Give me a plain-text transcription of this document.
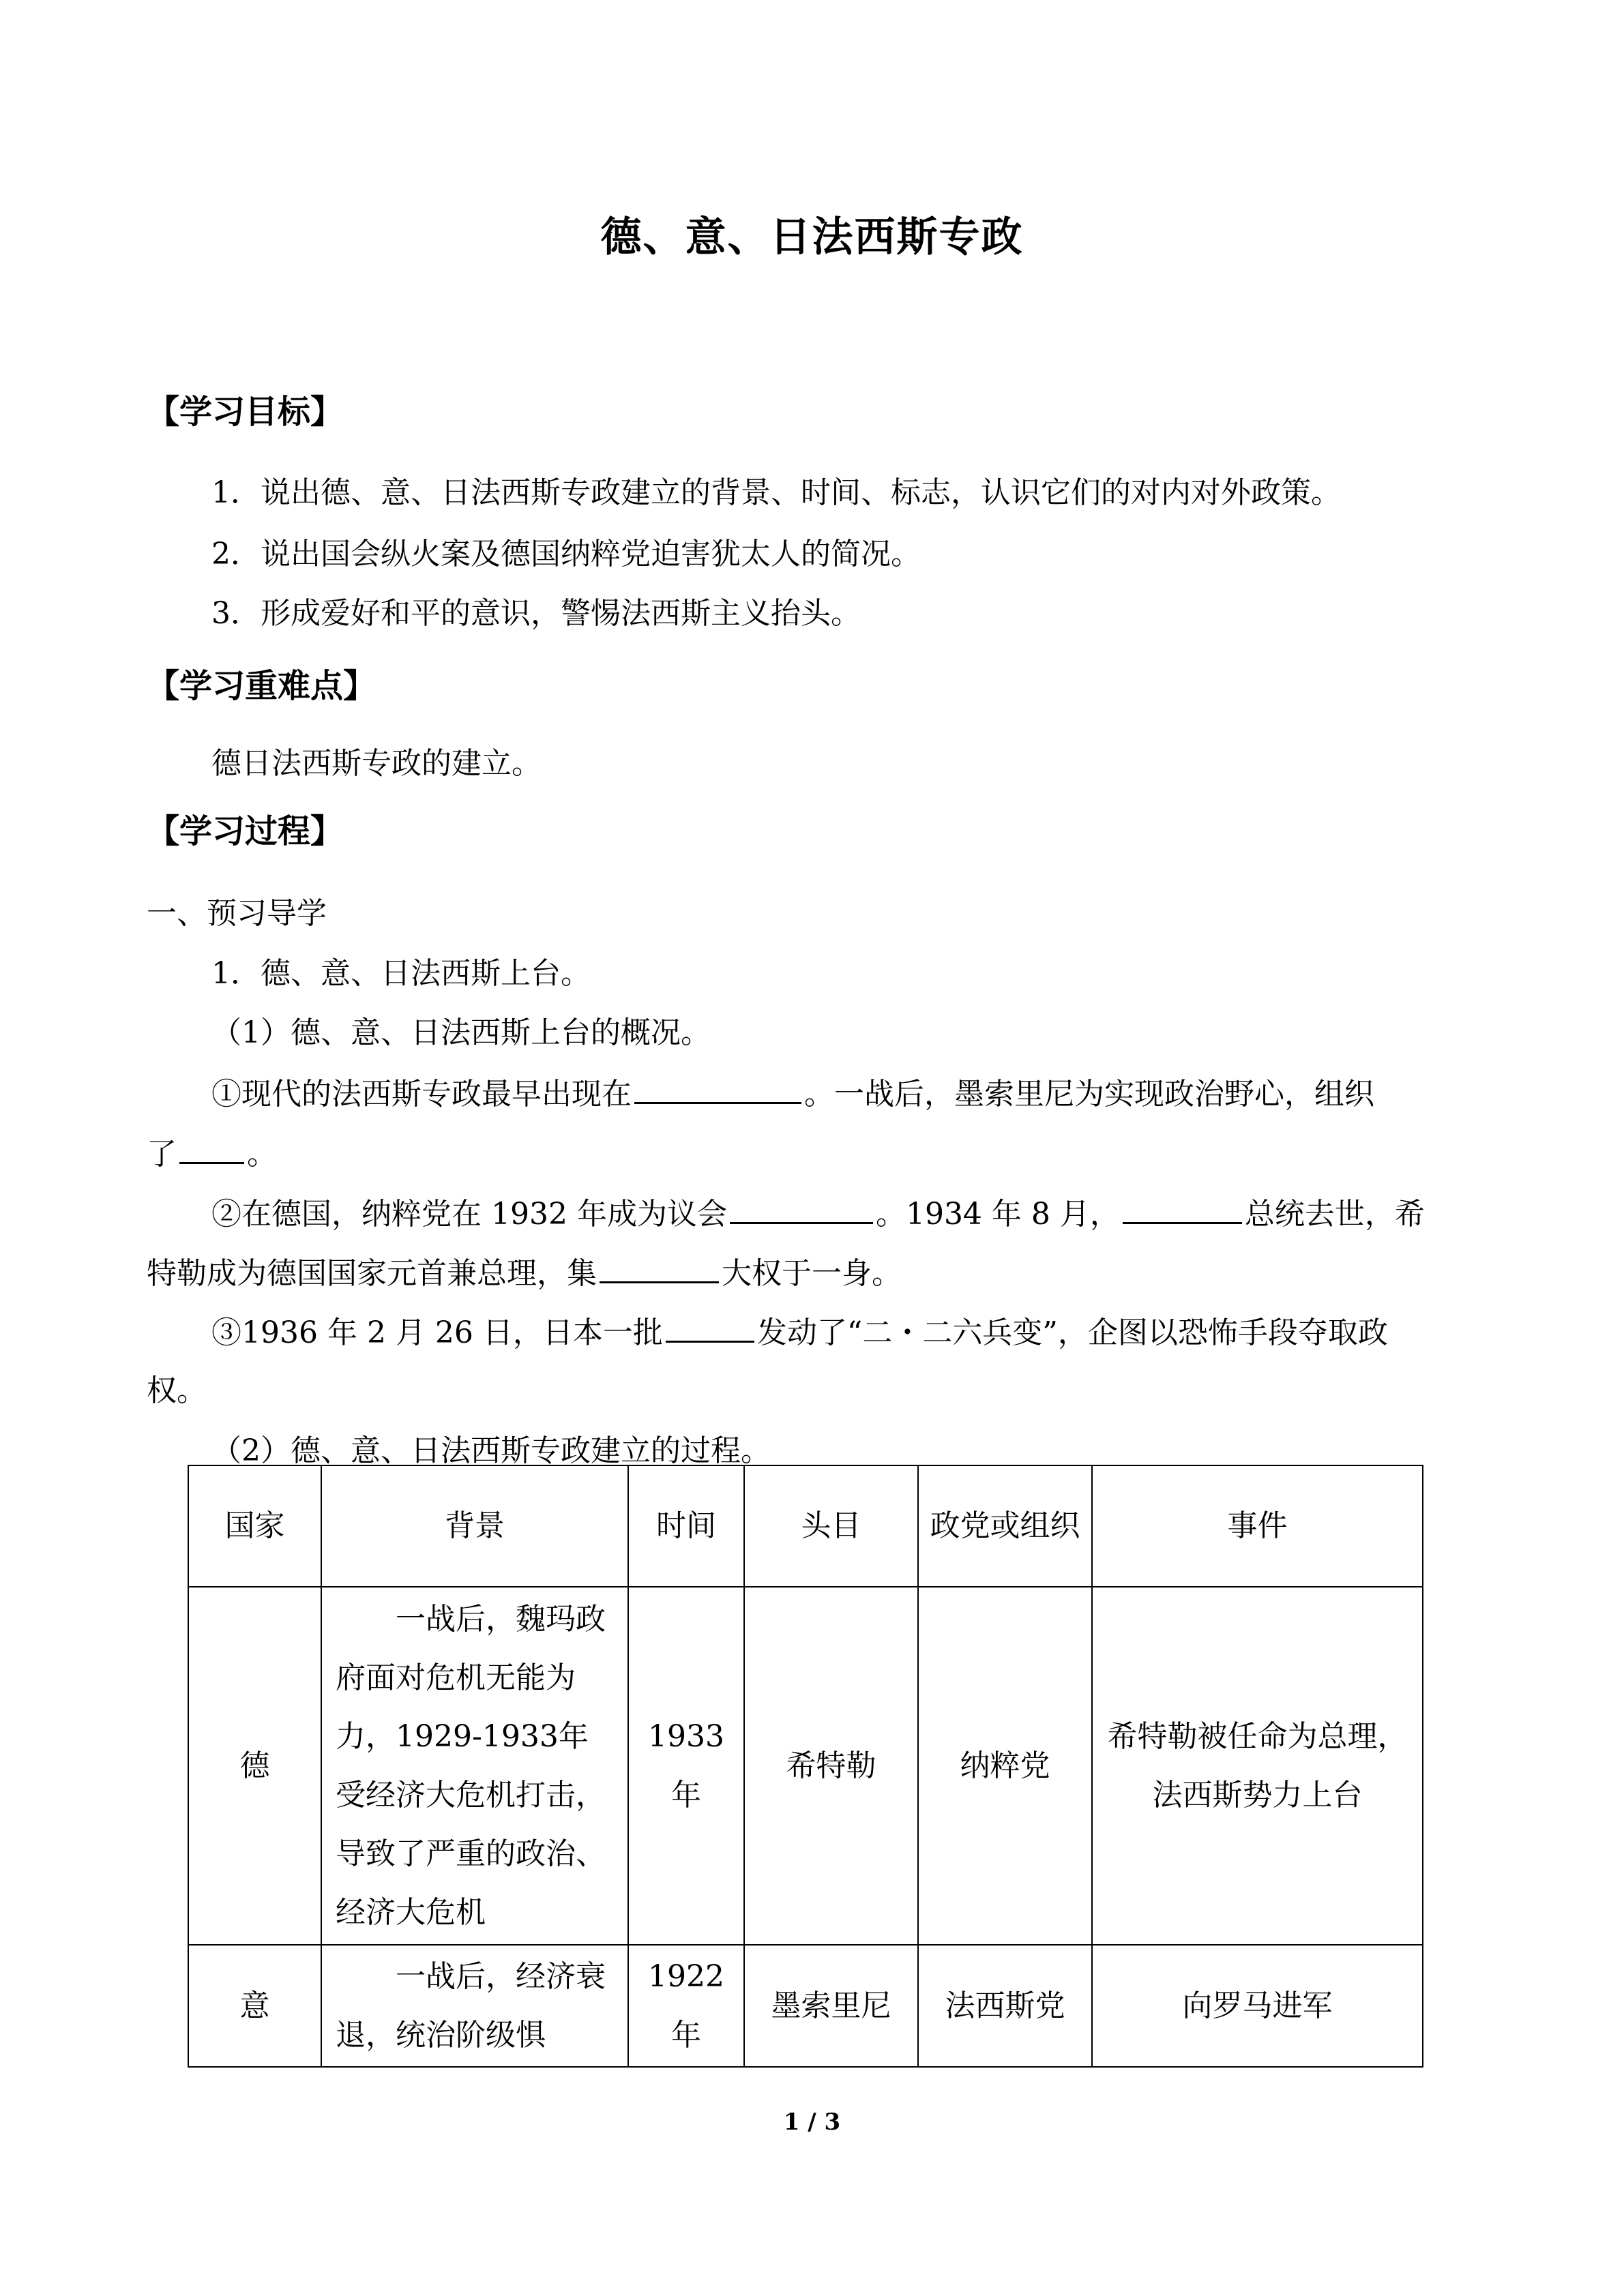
德、意、日法西斯专政
【学习目标】
1．说出德、意、日法西斯专政建立的背景、时间、标志，认识它们的对内对外政策。
2．说出国会纵火案及德国纳粹党迫害犹太人的简况。
3．形成爱好和平的意识，警惕法西斯主义抬头。
【学习重难点】
德日法西斯专政的建立。
【学习过程】
一、预习导学
1．德、意、日法西斯上台。
（1）德、意、日法西斯上台的概况。
①现代的法西斯专政最早出现在	。一战后，墨索里尼为实现政治野心，组织
了 。
②在德国，纳粹党在 1932 年成为议会	。1934 年 8 月，	总统去世，希
特勒成为德国国家元首兼总理，集	大权于一身。
③1936 年 2 月 26 日，日本一批	发动了“二・二六兵变”，企图以恐怖手段夺取政
权。
（2）德、意、日法西斯专政建立的过程。
国家	背景	时间	头目	政党或组织	事件
德	一战后，魏玛政府面对危机无能为力，1929-1933年受经济大危机打击，导致了严重的政治、经济大危机	1933年	希特勒	纳粹党	希特勒被任命为总理，法西斯势力上台
意	一战后，经济衰退，统治阶级惧	1922年	墨索里尼	法西斯党	向罗马进军
1 / 3
